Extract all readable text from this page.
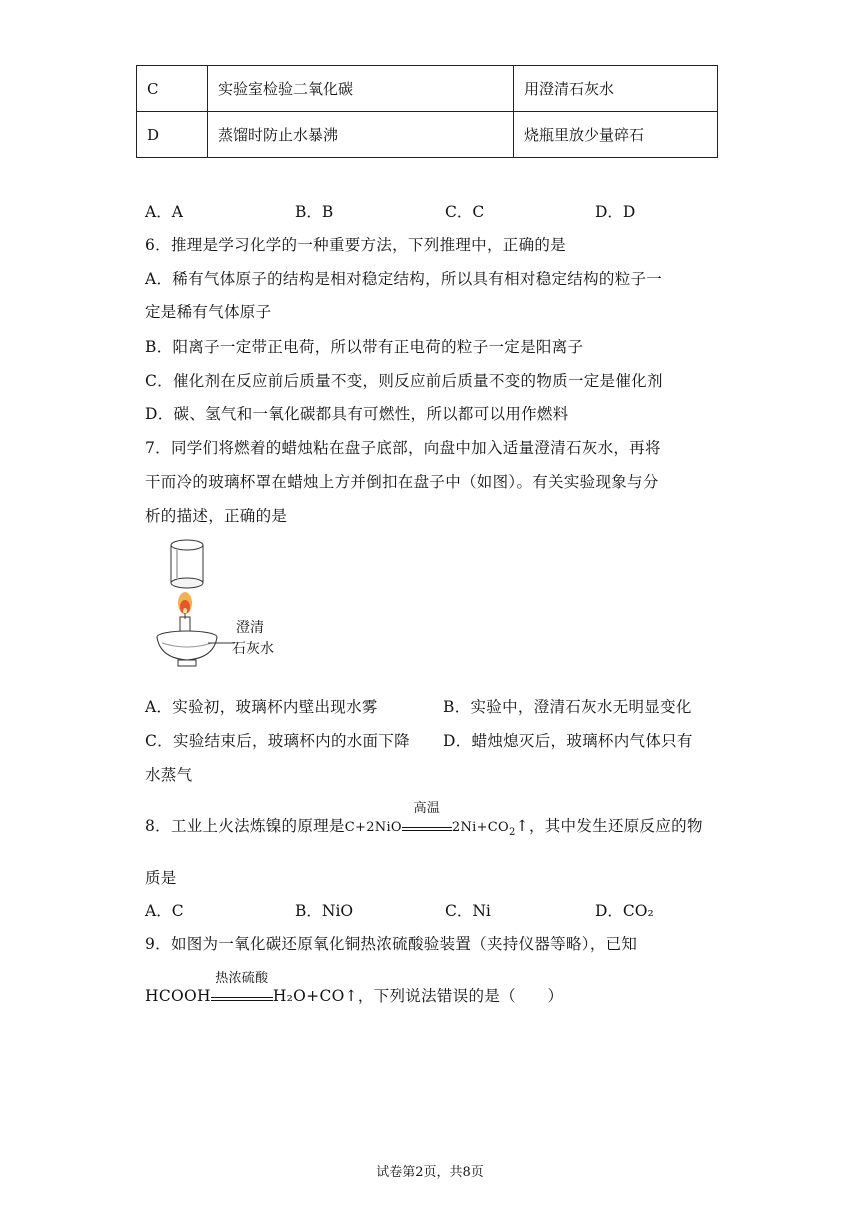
C	实验室检验二氧化碳	用澄清石灰水
D	蒸馏时防止水暴沸	烧瓶里放少量碎石
A．A	B．B	C．C	D．D
6．推理是学习化学的一种重要方法，下列推理中，正确的是
A．稀有气体原子的结构是相对稳定结构，所以具有相对稳定结构的粒子一
定是稀有气体原子
B．阳离子一定带正电荷，所以带有正电荷的粒子一定是阳离子
C．催化剂在反应前后质量不变，则反应前后质量不变的物质一定是催化剂
D．碳、氢气和一氧化碳都具有可燃性，所以都可以用作燃料
7．同学们将燃着的蜡烛粘在盘子底部，向盘中加入适量澄清石灰水，再将
干而冷的玻璃杯罩在蜡烛上方并倒扣在盘子中（如图）。有关实验现象与分
析的描述，正确的是
澄清
石灰水
A．实验初，玻璃杯内壁出现水雾	B．实验中，澄清石灰水无明显变化
C．实验结束后，玻璃杯内的水面下降 D．蜡烛熄灭后，玻璃杯内气体只有
水蒸气
8．工业上火法炼镍的原理是C+2NiO
高温
$2Ni+CO_2↑$，其中发生还原反应的物
质是
A．C	B．NiO	C．Ni	D．CO₂
9．如图为一氧化碳还原氧化铜热浓硫酸验装置（夹持仪器等略），已知
HCOOH
热浓硫酸
H₂O+CO↑，下列说法错误的是（　　）
试卷第2页，共8页
